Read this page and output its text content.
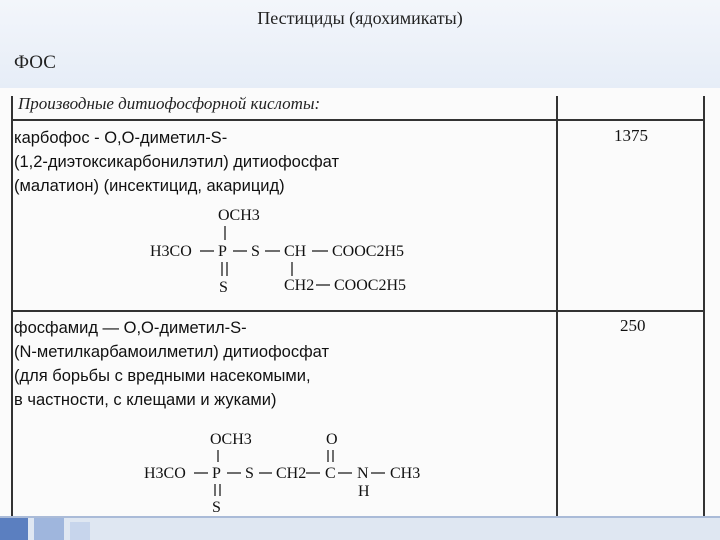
Пестициды (ядохимикаты)
ФОС
Производные дитиофосфорной кислоты:
карбофос - O,O-диметил-S-
(1,2-диэтоксикарбонилэтил) дитиофосфат
(малатион) (инсектицид, акарицид)
1375
OCH3
H3CO P S CH COOC2H5
S	CH2 COOC2H5
фосфамид — O,O-диметил-S-
(N-метилкарбамоилметил) дитиофосфат
(для борьбы с вредными насекомыми,
в частности, с клещами и жуками)
250
OCH3	O
H3CO P S CH2 C N CH3
H
S
